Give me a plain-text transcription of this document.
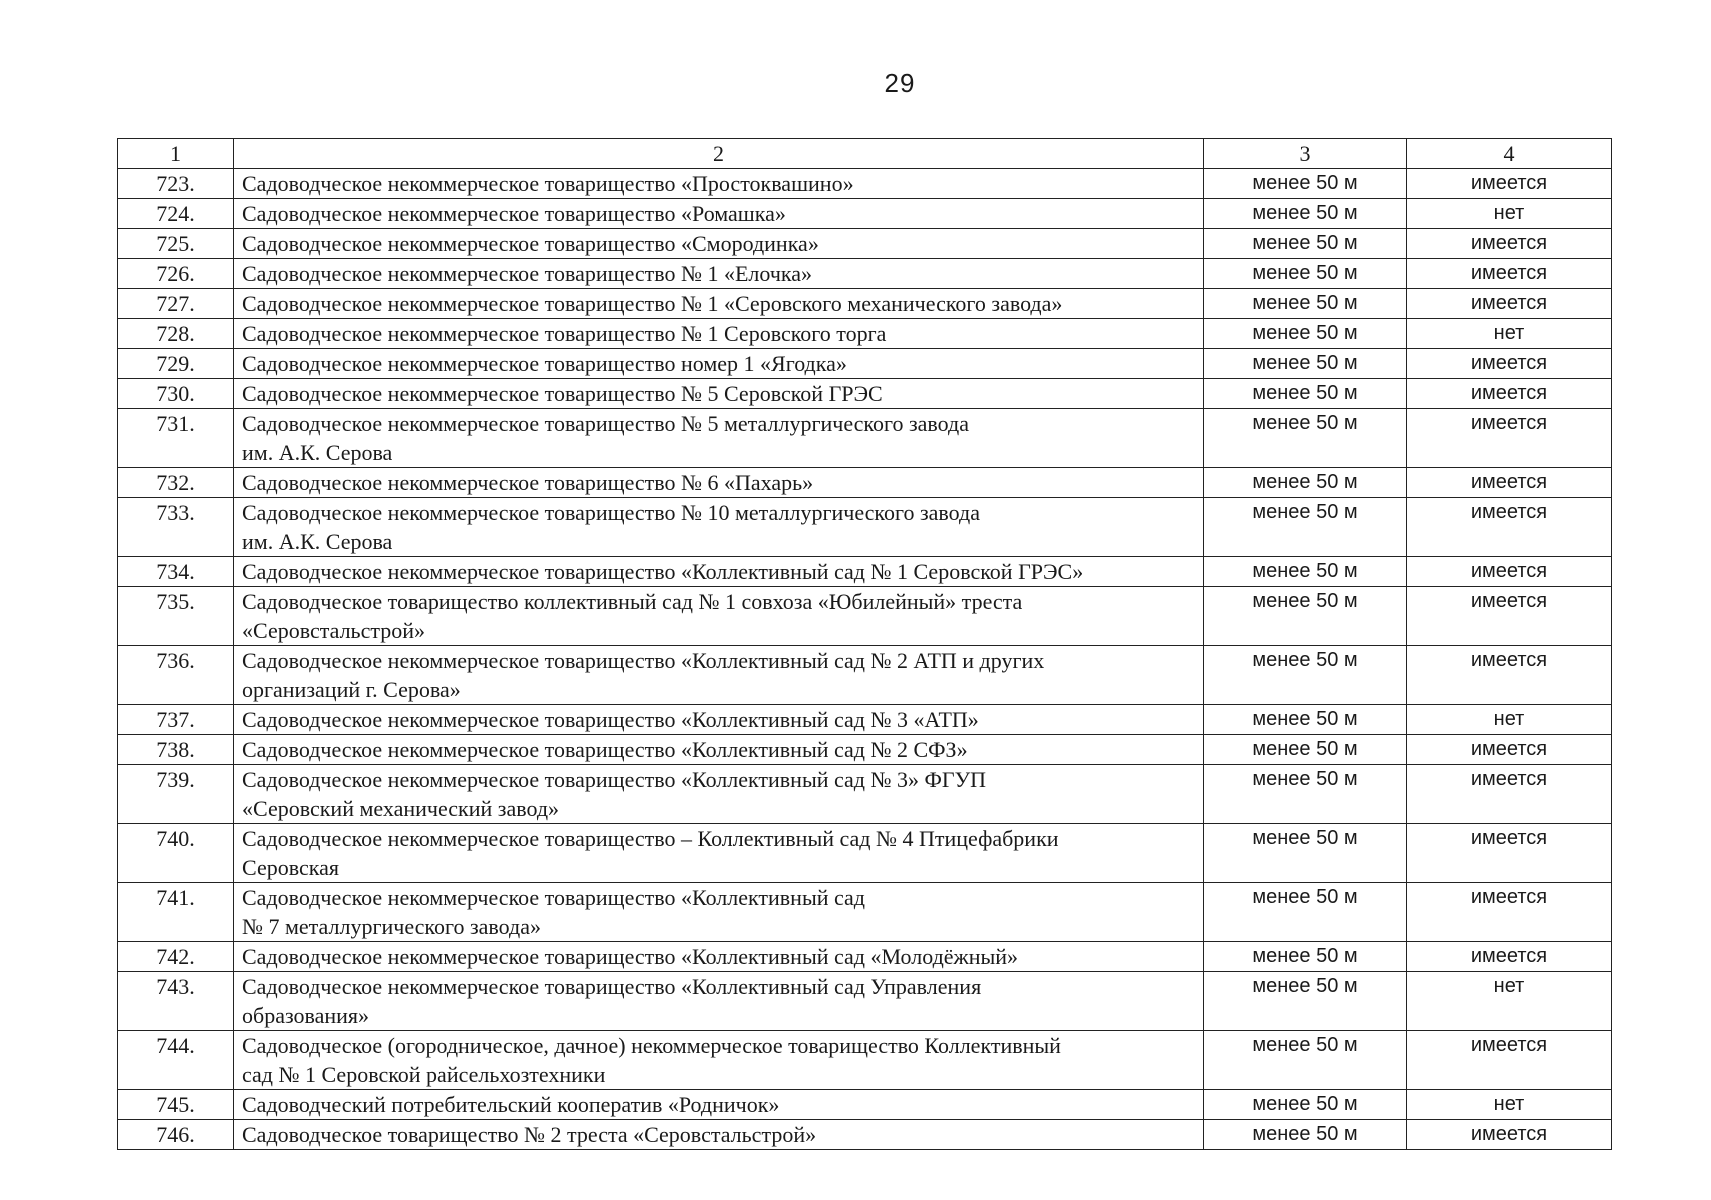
29
1	2	3	4
723.	Садоводческое некоммерческое товарищество «Простоквашино»	менее 50 м	имеется
724.	Садоводческое некоммерческое товарищество «Ромашка»	менее 50 м	нет
725.	Садоводческое некоммерческое товарищество «Смородинка»	менее 50 м	имеется
726.	Садоводческое некоммерческое товарищество № 1 «Елочка»	менее 50 м	имеется
727.	Садоводческое некоммерческое товарищество № 1 «Серовского механического завода»	менее 50 м	имеется
728.	Садоводческое некоммерческое товарищество № 1 Серовского торга	менее 50 м	нет
729.	Садоводческое некоммерческое товарищество номер 1 «Ягодка»	менее 50 м	имеется
730.	Садоводческое некоммерческое товарищество № 5 Серовской ГРЭС	менее 50 м	имеется
731.	Садоводческое некоммерческое товарищество № 5 металлургического завода
им. А.К. Серова	менее 50 м	имеется
732.	Садоводческое некоммерческое товарищество № 6 «Пахарь»	менее 50 м	имеется
733.	Садоводческое некоммерческое товарищество № 10 металлургического завода
им. А.К. Серова	менее 50 м	имеется
734.	Садоводческое некоммерческое товарищество «Коллективный сад № 1 Серовской ГРЭС»	менее 50 м	имеется
735.	Садоводческое товарищество коллективный сад № 1 совхоза «Юбилейный» треста
«Серовстальстрой»	менее 50 м	имеется
736.	Садоводческое некоммерческое товарищество «Коллективный сад № 2 АТП и других
организаций г. Серова»	менее 50 м	имеется
737.	Садоводческое некоммерческое товарищество «Коллективный сад № 3 «АТП»	менее 50 м	нет
738.	Садоводческое некоммерческое товарищество «Коллективный сад № 2 СФЗ»	менее 50 м	имеется
739.	Садоводческое некоммерческое товарищество «Коллективный сад № 3» ФГУП
«Серовский механический завод»	менее 50 м	имеется
740.	Садоводческое некоммерческое товарищество – Коллективный сад № 4 Птицефабрики
Серовская	менее 50 м	имеется
741.	Садоводческое некоммерческое товарищество «Коллективный сад
№ 7 металлургического завода»	менее 50 м	имеется
742.	Садоводческое некоммерческое товарищество «Коллективный сад «Молодёжный»	менее 50 м	имеется
743.	Садоводческое некоммерческое товарищество «Коллективный сад Управления
образования»	менее 50 м	нет
744.	Садоводческое (огородническое, дачное) некоммерческое товарищество Коллективный
сад № 1 Серовской райсельхозтехники	менее 50 м	имеется
745.	Садоводческий потребительский кооператив «Родничок»	менее 50 м	нет
746.	Садоводческое товарищество № 2 треста «Серовстальстрой»	менее 50 м	имеется
